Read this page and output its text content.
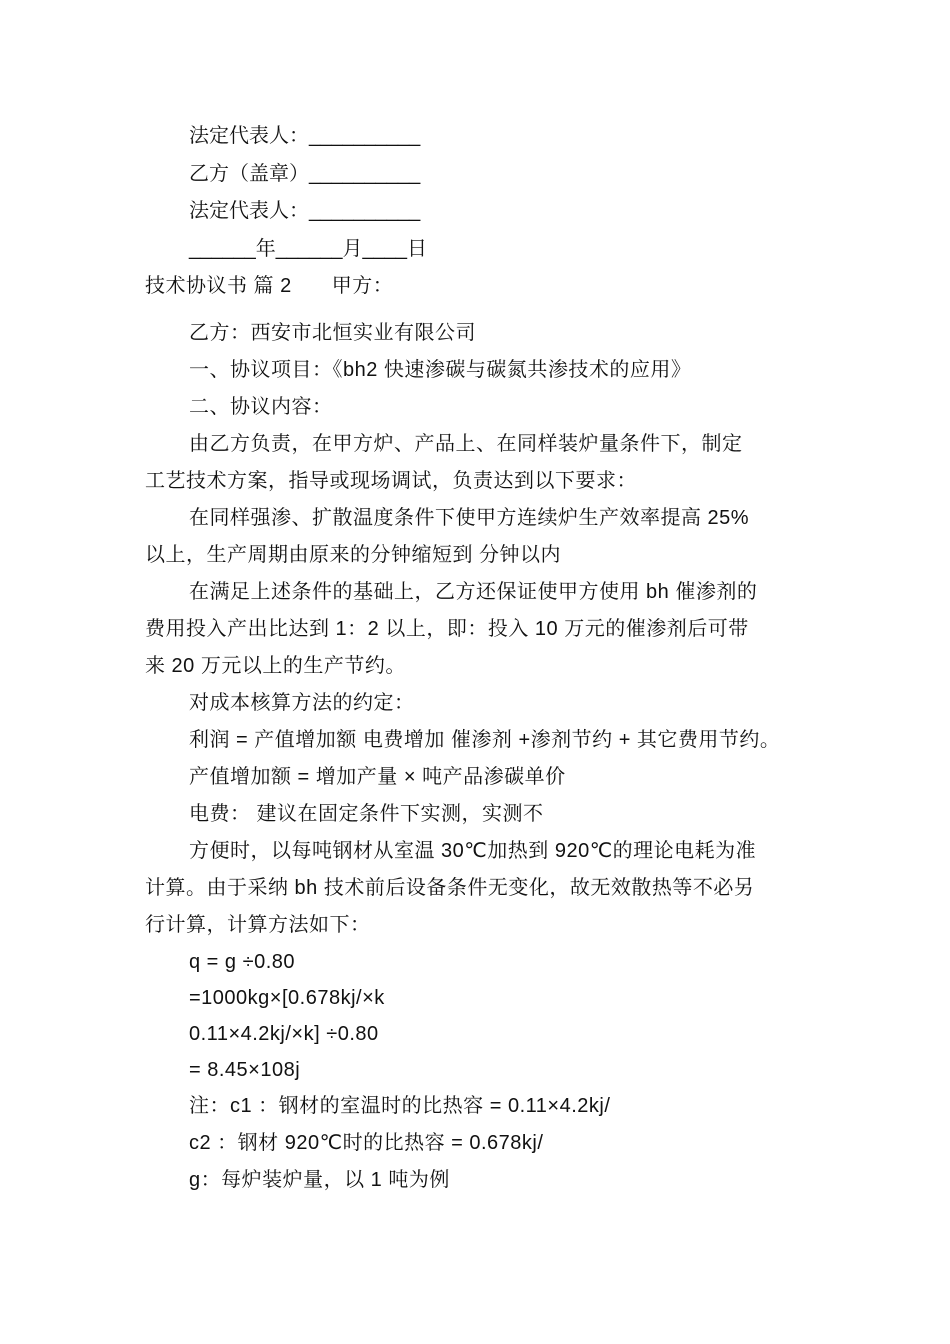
法定代表人：__________
乙方（盖章）__________
法定代表人：__________
______年______月____日
技术协议书 篇 2 甲方：
乙方：西安市北恒实业有限公司
一、协议项目：《bh2 快速渗碳与碳氮共渗技术的应用》
二、协议内容：
由乙方负责，在甲方炉、产品上、在同样装炉量条件下，制定
工艺技术方案，指导或现场调试，负责达到以下要求：
在同样强渗、扩散温度条件下使甲方连续炉生产效率提高 25%
以上，生产周期由原来的分钟缩短到 分钟以内
在满足上述条件的基础上，乙方还保证使甲方使用 bh 催渗剂的
费用投入产出比达到 1：2 以上，即：投入 10 万元的催渗剂后可带
来 20 万元以上的生产节约。
对成本核算方法的约定：
利润 = 产值增加额 电费增加 催渗剂 +渗剂节约 + 其它费用节约。
产值增加额 = 增加产量 × 吨产品渗碳单价
电费： 建议在固定条件下实测，实测不
方便时，以每吨钢材从室温 30℃加热到 920℃的理论电耗为准
计算。由于采纳 bh 技术前后设备条件无变化，故无效散热等不必另
行计算，计算方法如下：
q = g ÷0.80
=1000kg×[0.678kj/×k
0.11×4.2kj/×k] ÷0.80
= 8.45×108j
注：c1 ：钢材的室温时的比热容 = 0.11×4.2kj/
c2 ：钢材 920℃时的比热容 = 0.678kj/
g：每炉装炉量，以 1 吨为例
